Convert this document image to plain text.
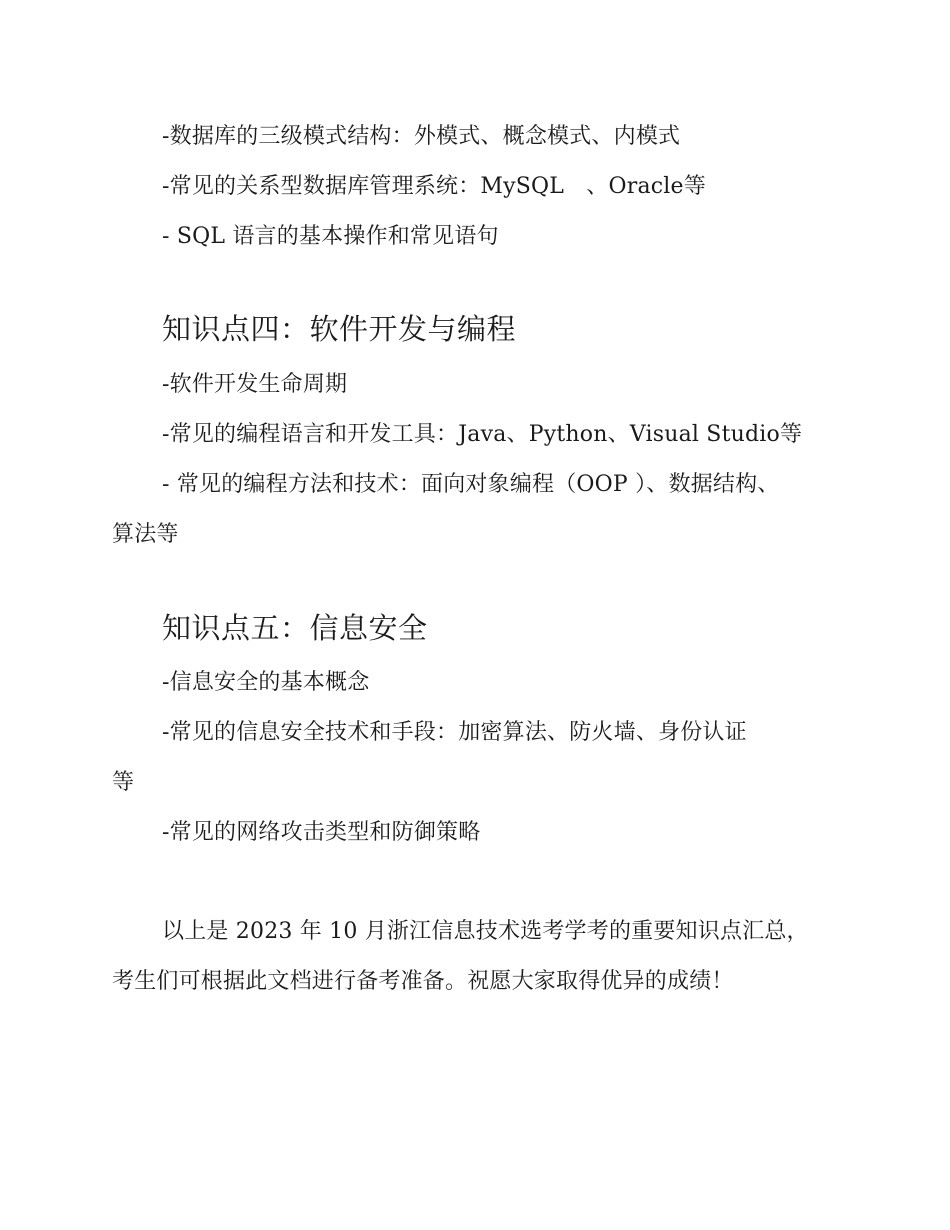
-数据库的三级模式结构：外模式、概念模式、内模式
-常见的关系型数据库管理系统：MySQL　、Oracle等
- SQL 语言的基本操作和常见语句
知识点四：软件开发与编程
-软件开发生命周期
-常见的编程语言和开发工具：Java、Python、Visual Studio等
- 常见的编程方法和技术：面向对象编程（OOP ）、数据结构、
算法等
知识点五：信息安全
-信息安全的基本概念
-常见的信息安全技术和手段：加密算法、防火墙、身份认证
等
-常见的网络攻击类型和防御策略
以上是 2023 年 10 月浙江信息技术选考学考的重要知识点汇总，
考生们可根据此文档进行备考准备。祝愿大家取得优异的成绩！
